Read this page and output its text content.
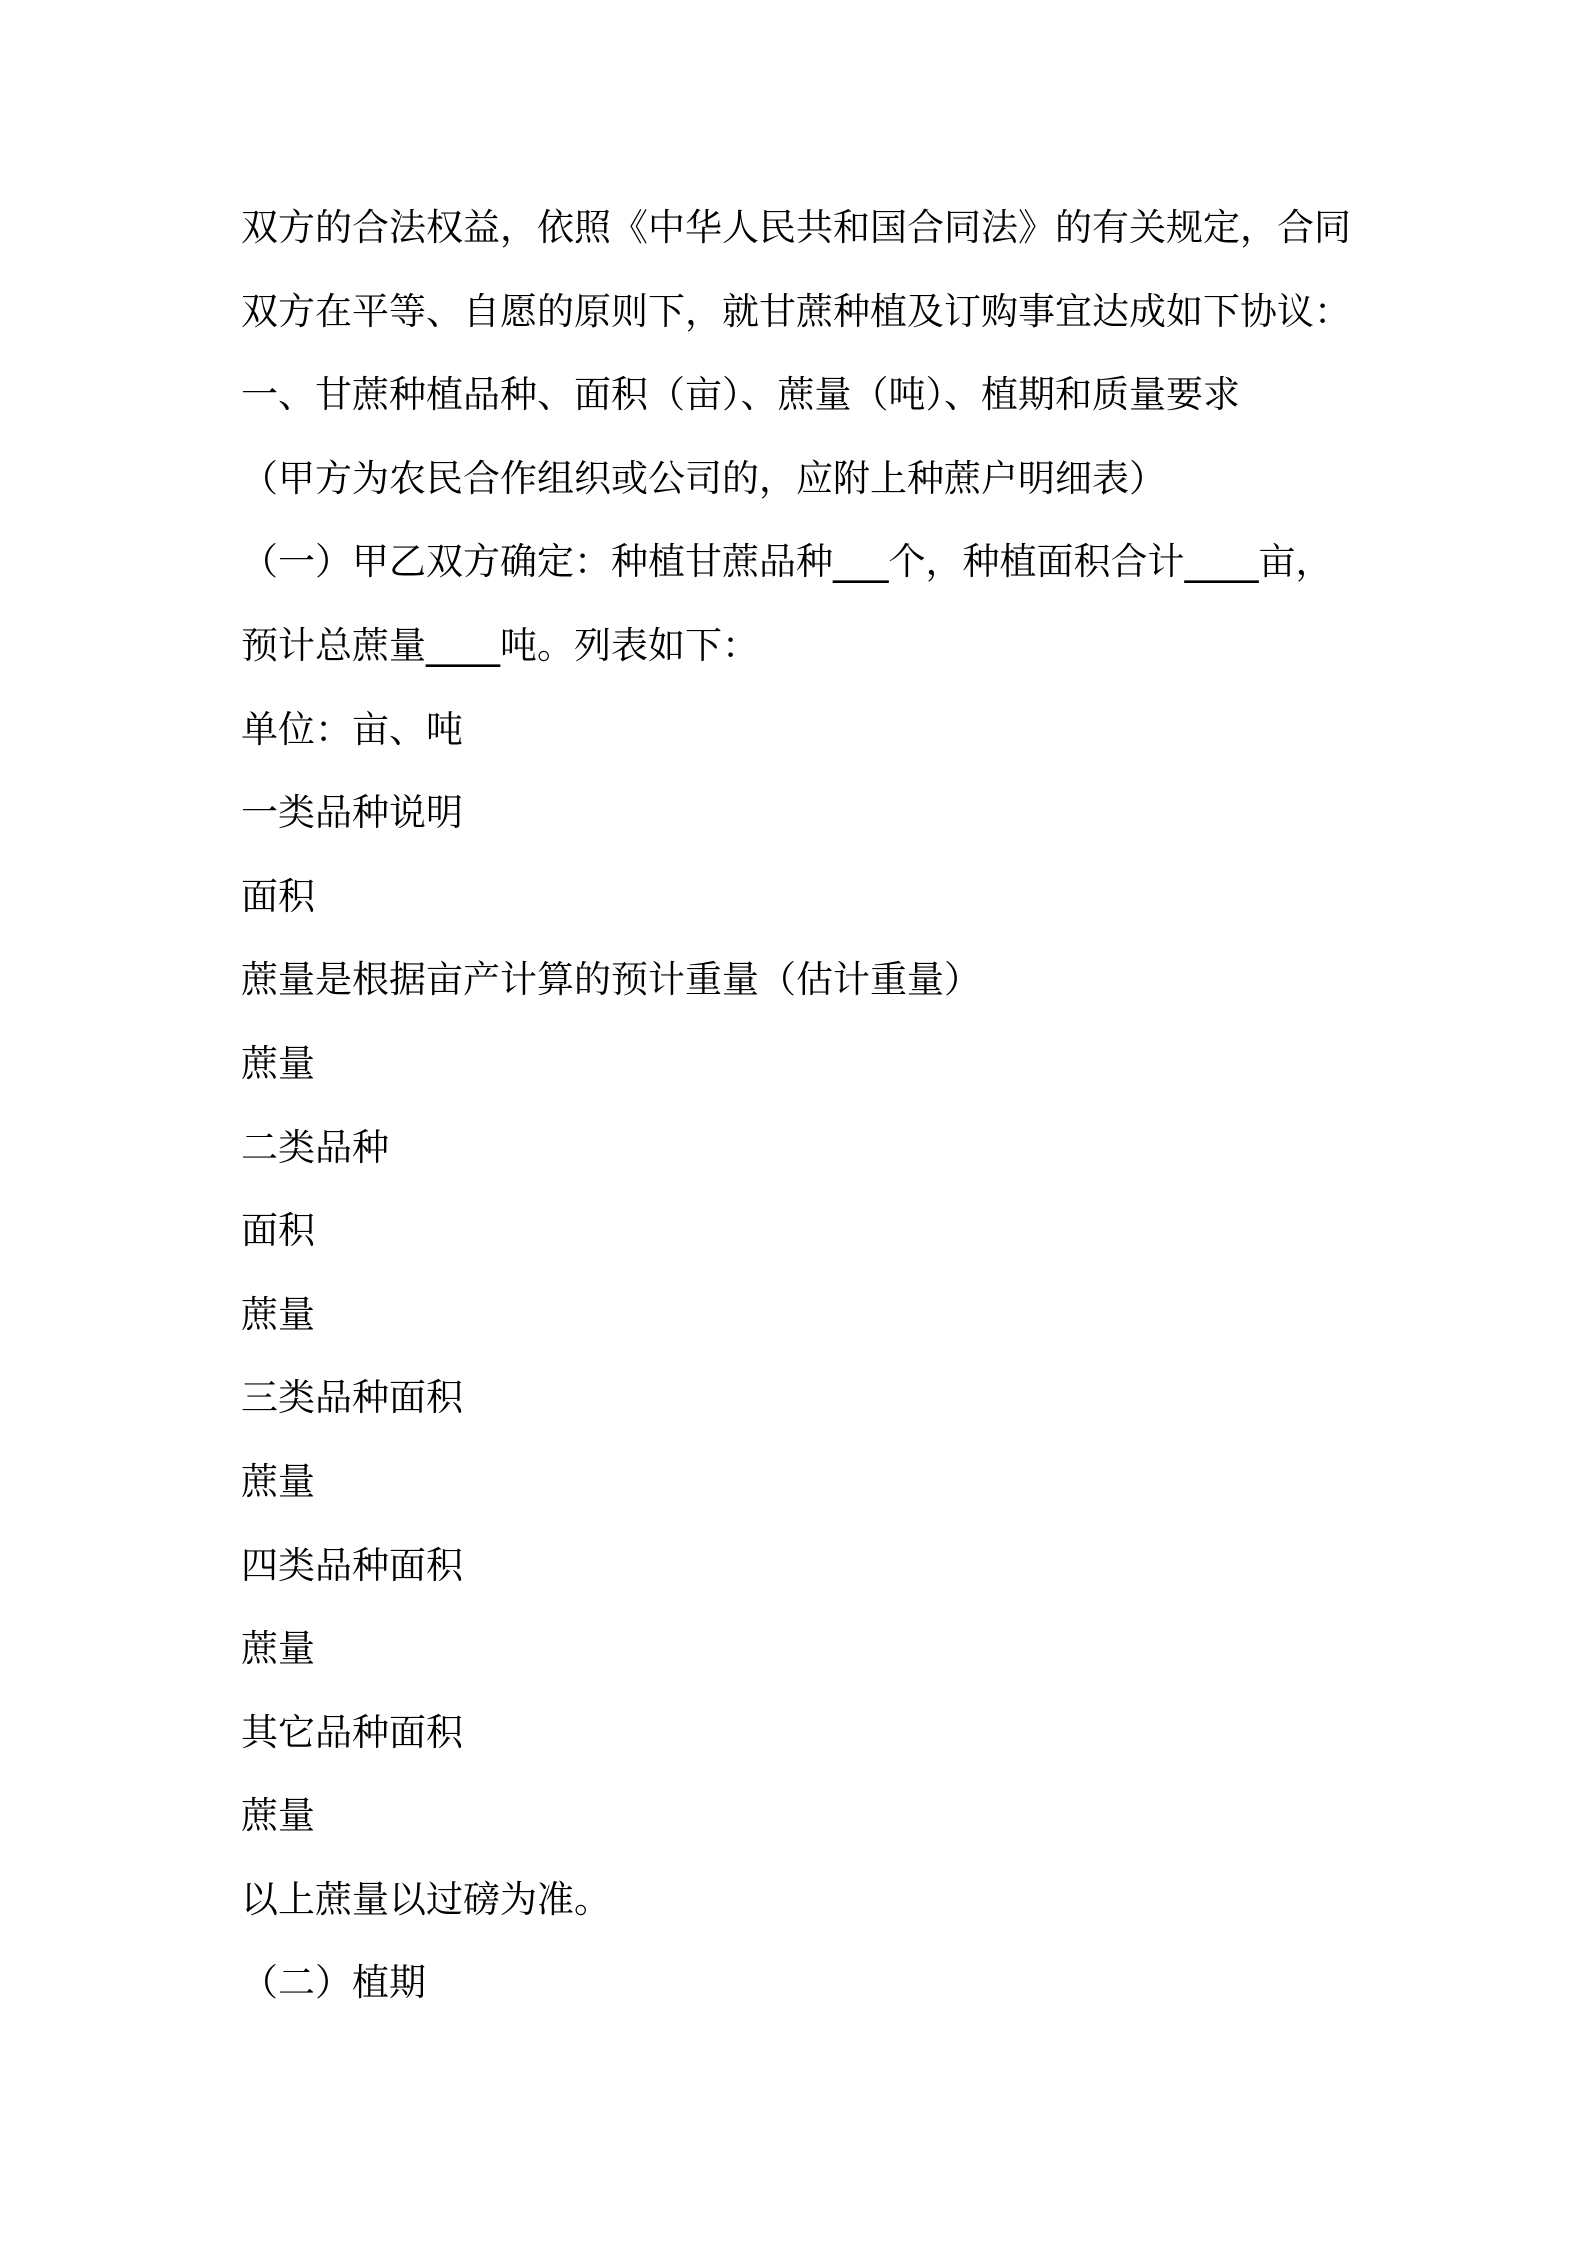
双方的合法权益，依照《中华人民共和国合同法》的有关规定，合同
双方在平等、自愿的原则下，就甘蔗种植及订购事宜达成如下协议：
一、甘蔗种植品种、面积（亩）、蔗量（吨）、植期和质量要求
（甲方为农民合作组织或公司的，应附上种蔗户明细表）
（一）甲乙双方确定：种植甘蔗品种___个，种植面积合计____亩，
预计总蔗量____吨。列表如下：
单位：亩、吨
一类品种说明
面积
蔗量是根据亩产计算的预计重量（估计重量）
蔗量
二类品种
面积
蔗量
三类品种面积
蔗量
四类品种面积
蔗量
其它品种面积
蔗量
以上蔗量以过磅为准。
（二）植期
